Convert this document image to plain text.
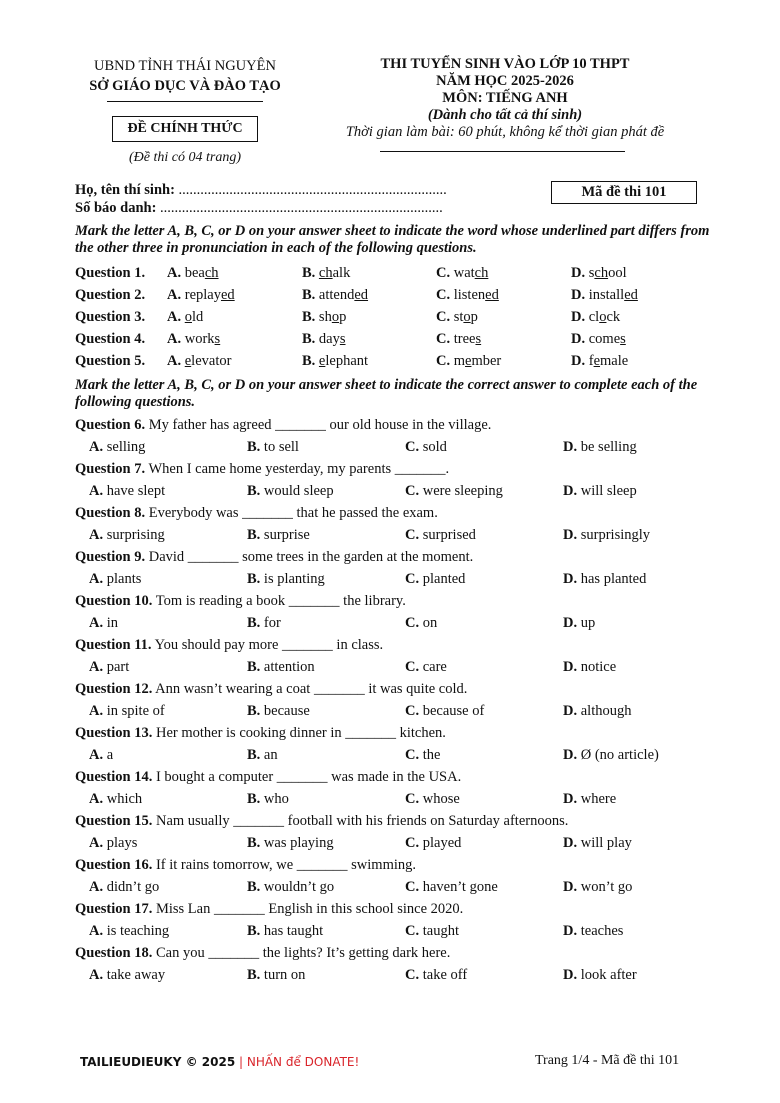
UBND TỈNH THÁI NGUYÊN
SỞ GIÁO DỤC VÀ ĐÀO TẠO
ĐỀ CHÍNH THỨC
(Đề thi có 04 trang)
THI TUYỂN SINH VÀO LỚP 10 THPT
NĂM HỌC 2025-2026
MÔN: TIẾNG ANH
(Dành cho tất cả thí sinh)
Thời gian làm bài: 60 phút, không kể thời gian phát đề
Họ, tên thí sinh: ..........................................................................
Số báo danh: ..............................................................................
Mã đề thi 101
Mark the letter A, B, C, or D on your answer sheet to indicate the word whose underlined part differs from the other three in pronunciation in each of the following questions.
Question 1. A. beach	B. chalk	C. watch	D. school
Question 2. A. replayed	B. attended	C. listened	D. installed
Question 3. A. old	B. shop	C. stop	D. clock
Question 4. A. works	B. days	C. trees	D. comes
Question 5. A. elevator	B. elephant	C. member	D. female
Mark the letter A, B, C, or D on your answer sheet to indicate the correct answer to complete each of the following questions.
Question 6. My father has agreed _______ our old house in the village.
A. selling	B. to sell	C. sold	D. be selling
Question 7. When I came home yesterday, my parents _______.
A. have slept	B. would sleep	C. were sleeping	D. will sleep
Question 8. Everybody was _______ that he passed the exam.
A. surprising	B. surprise	C. surprised	D. surprisingly
Question 9. David _______ some trees in the garden at the moment.
A. plants	B. is planting	C. planted	D. has planted
Question 10. Tom is reading a book _______ the library.
A. in	B. for	C. on	D. up
Question 11. You should pay more _______ in class.
A. part	B. attention	C. care	D. notice
Question 12. Ann wasn’t wearing a coat _______ it was quite cold.
A. in spite of	B. because	C. because of	D. although
Question 13. Her mother is cooking dinner in _______ kitchen.
A. a	B. an	C. the	D. Ø (no article)
Question 14. I bought a computer _______ was made in the USA.
A. which	B. who	C. whose	D. where
Question 15. Nam usually _______ football with his friends on Saturday afternoons.
A. plays	B. was playing	C. played	D. will play
Question 16. If it rains tomorrow, we _______ swimming.
A. didn’t go	B. wouldn’t go	C. haven’t gone	D. won’t go
Question 17. Miss Lan _______ English in this school since 2020.
A. is teaching	B. has taught	C. taught	D. teaches
Question 18. Can you _______ the lights? It’s getting dark here.
A. take away	B. turn on	C. take off	D. look after
TAILIEUDIEUKY © 2025 | NHẤN để DONATE!	Trang 1/4 - Mã đề thi 101
